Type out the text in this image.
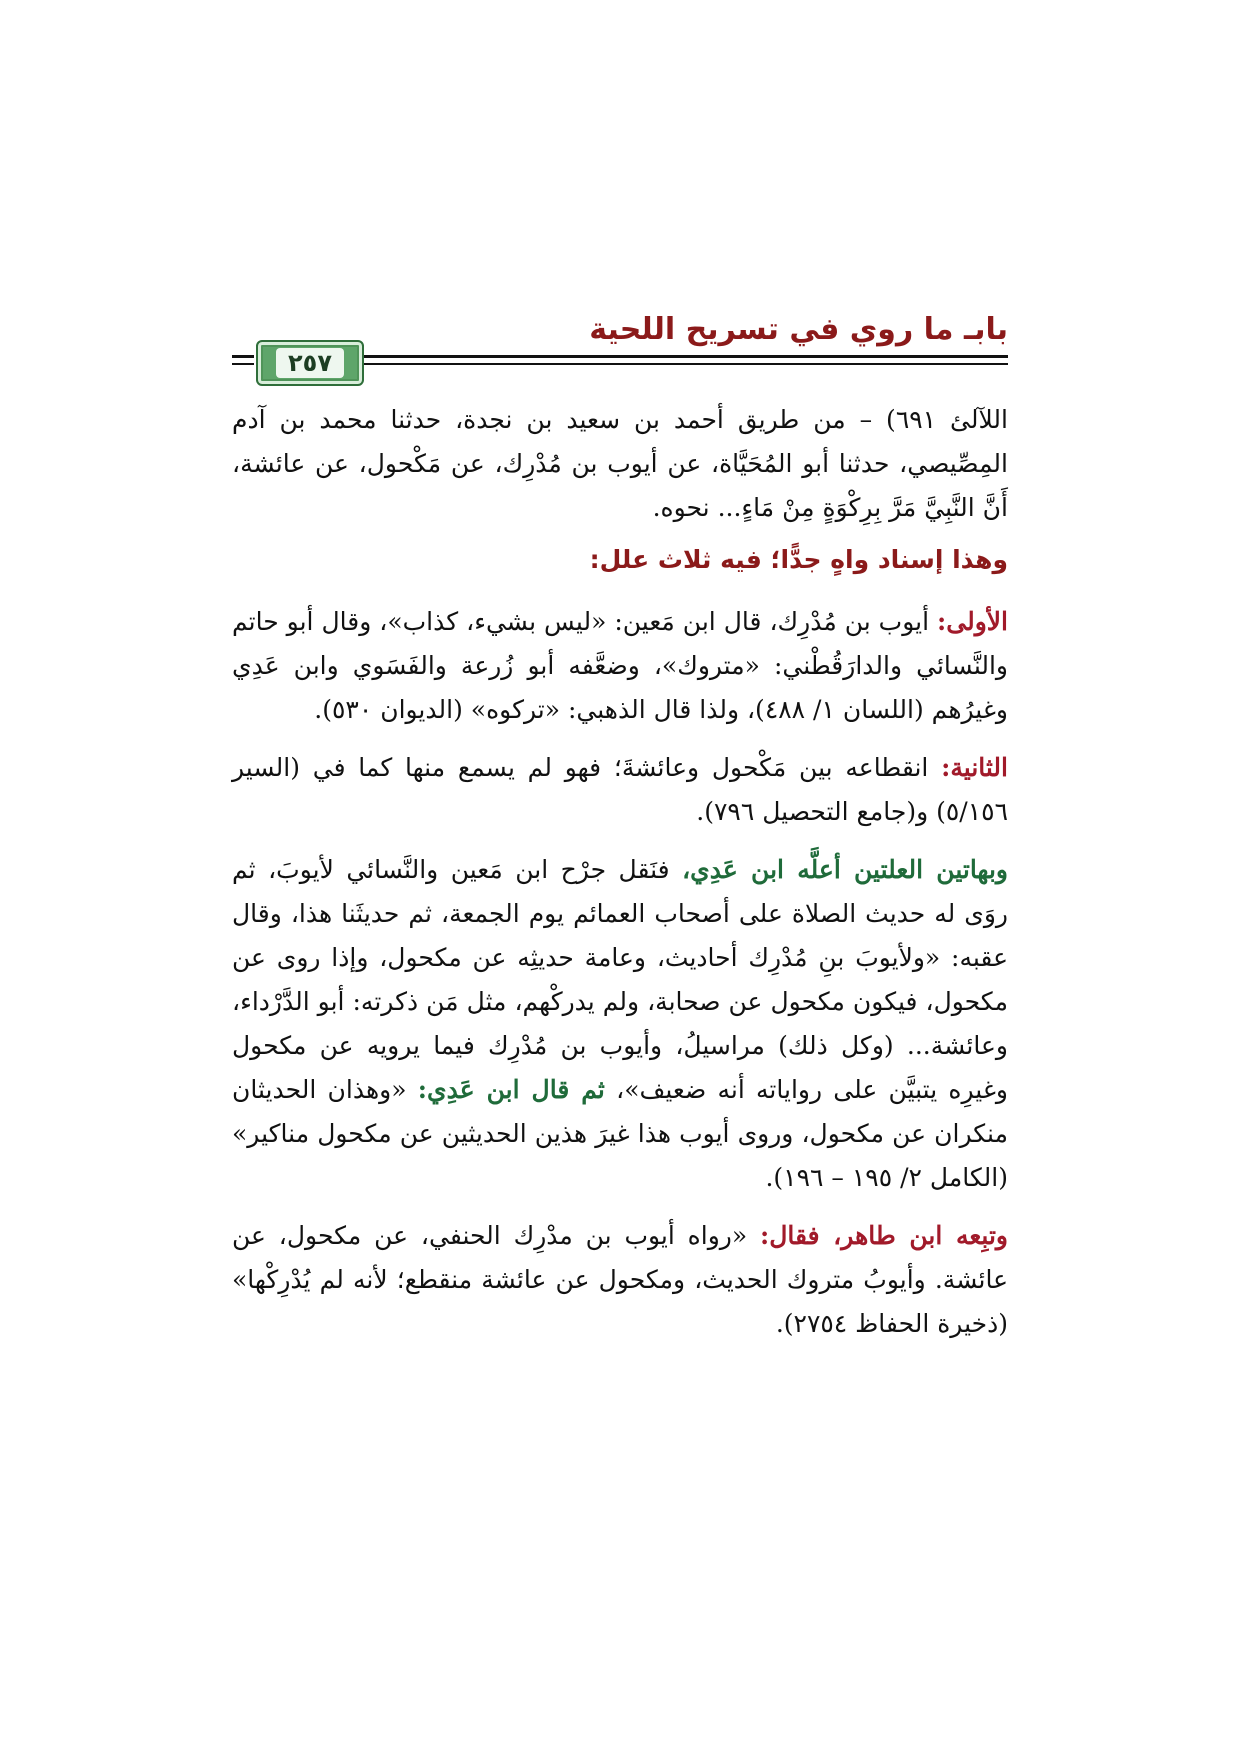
بابـ ما روي في تسريح اللحية
٢٥٧

اللآلئ ٦٩١) – من طريق أحمد بن سعيد بن نجدة، حدثنا محمد بن آدم المِصِّيصي، حدثنا أبو المُحَيَّاة، عن أيوب بن مُدْرِك، عن مَكْحول، عن عائشة، أَنَّ النَّبِيَّ مَرَّ بِرِكْوَةٍ مِنْ مَاءٍ... نحوه.

وهذا إسناد واهٍ جدًّا؛ فيه ثلاث علل:

الأولى: أيوب بن مُدْرِك، قال ابن مَعين: «ليس بشيء، كذاب»، وقال أبو حاتم والنَّسائي والدارَقُطْني: «متروك»، وضعَّفه أبو زُرعة والفَسَوي وابن عَدِي وغيرُهم (اللسان ١/ ٤٨٨)، ولذا قال الذهبي: «تركوه» (الديوان ٥٣٠).

الثانية: انقطاعه بين مَكْحول وعائشةَ؛ فهو لم يسمع منها كما في (السير ٥/١٥٦) و(جامع التحصيل ٧٩٦).

وبهاتين العلتين أعلَّه ابن عَدِي، فنَقل جرْح ابن مَعين والنَّسائي لأيوبَ، ثم روَى له حديث الصلاة على أصحاب العمائم يوم الجمعة، ثم حديثَنا هذا، وقال عقبه: «ولأيوبَ بنِ مُدْرِك أحاديث، وعامة حديثِه عن مكحول، وإذا روى عن مكحول، فيكون مكحول عن صحابة، ولم يدركْهم، مثل مَن ذكرته: أبو الدَّرْداء، وعائشة... (وكل ذلك) مراسيلُ، وأيوب بن مُدْرِك فيما يرويه عن مكحول وغيرِه يتبيَّن على رواياته أنه ضعيف»، ثم قال ابن عَدِي: «وهذان الحديثان منكران عن مكحول، وروى أيوب هذا غيرَ هذين الحديثين عن مكحول مناكير» (الكامل ٢/ ١٩٥ – ١٩٦).

وتبِعه ابن طاهر، فقال: «رواه أيوب بن مدْرِك الحنفي، عن مكحول، عن عائشة. وأيوبُ متروك الحديث، ومكحول عن عائشة منقطع؛ لأنه لم يُدْرِكْها» (ذخيرة الحفاظ ٢٧٥٤).
